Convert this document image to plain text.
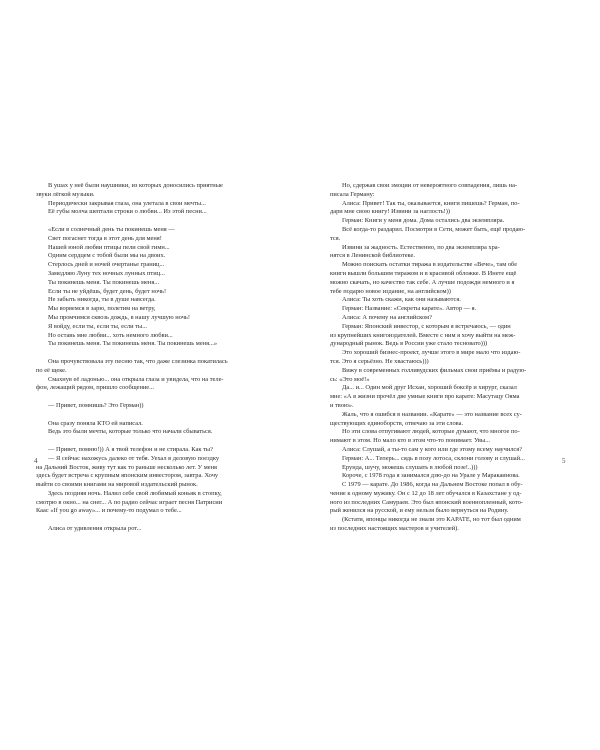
В ушах у неё были наушники, из которых доносились приятные
звуки лёгкой музыки.
Периодически закрывая глаза, она улетала в свои мечты...
Её губы молча шептали строки о любви... Из этой песни...
«Если в солнечный день ты покинешь меня —
Свет погаснет тогда в этот день для меня!
Нашей юной любви птицы пели свой гимн...
Одним сердцем с тобой были мы на двоих.
Стерлось дней и ночей очертанье границ...
Замедляю Луну тех ночных лунных птиц...
Ты покинешь меня. Ты покинешь меня...
Если ты не уйдёшь, будет день, будет ночь!
Не забыть никогда, ты в душе навсегда.
Мы ворвемся в зарю, полетим на ветру,
Мы промчимся сквозь дождь, в нашу лучшую ночь!
Я войду, если ты, если ты, если ты...
Но оставь мне любви... хоть немного любви...
Ты покинешь меня. Ты покинешь меня. Ты покинешь меня...»
Она прочувствовала эту песню так, что даже слезинка покатилась
по её щеке.
Смахнув её ладонью... она открыла глаза и увидела, что на теле-
фон, лежащий рядом, пришло сообщение...
— Привет, помнишь? Это Герман))
Она сразу поняла КТО ей написал.
Ведь это были мечты, которые только что начали сбываться.
— Привет, помню!)) А я твой телефон и не стирала. Как ты?
— Я сейчас нахожусь далеко от тебя. Уехал в деловую поездку
на Дальний Восток, живу тут как то раньше несколько лет. У меня
здесь будет встреча с крупным японским инвестором, завтра. Хочу
выйти со своими книгами на мировой издательский рынок.
Здесь поздняя ночь. Налил себе свой любимый коньяк в стопку,
смотрю в окно... на снег... А по радио сейчас играет песня Патрисии
Каас «If you go away»... и почему-то подумал о тебе...
Алиса от удивления открыла рот...
Но, сдержав свои эмоции от невероятного совпадения, лишь на-
писала Герману:
Алиса: Привет! Так ты, оказывается, книги пишешь? Герман, по-
дари мне свою книгу! Извини за наглость!))
Герман: Книги у меня дома. Дома остались два экземпляра.
Всё когда-то раздарил. Посмотри в Сети, может быть, ещё продаю-
тся.
Извини за жадность. Естественно, по два экземпляра хра-
нятся в Ленинской библиотеке.
Можно поискать остатки тиража в издательстве «Вече», там обе
книги вышли большим тиражом и в красивой обложке. В Инете ещё
можно скачать, но качество так себе. А лучше подожди немного и я
тебе подарю новое издание, на английском))
Алиса: Ты хоть скажи, как они называются.
Герман: Название: «Секреты карате». Автор — я.
Алиса: А почему на английском?
Герман: Японский инвестор, с которым я встречаюсь, — один
из крупнейших книгоиздателей. Вместе с ним я хочу выйти на меж-
дународный рынок. Ведь в России уже стало тесновато)))
Это хороший бизнес-проект, лучше этого в мире мало что издаю-
тся. Это я серьёзно. Не хвастаюсь)))
Вижу в современных голливудских фильмах свои приёмы и радую-
сь: «Это моё!»
Да... и... Один мой друг Исхан, хороший боксёр и хирург, сказал
мне: «А в жизни прочёл две умные книги про карате: Масутацу Ояма
и твою».
Жаль, что я ошибся в названии. «Карате» — это название всех су-
ществующих единоборств, отвечаю за эти слова.
Но эти слова отпугивают людей, которые думают, что многое по-
нимают в этом. Но мало кто в этом что-то понимает. Увы...
Алиса: Слушай, а ты-то сам у кого или где этому всему научился?
Герман: А... Теперь... сядь в позу лотоса, склони голову и слушай...
Ерунда, шучу, можешь слушать в любой позе!..)))
Короче, с 1978 года я занимался дзю-до на Урале у Маракаинова.
С 1979 — карате. До 1986, когда на Дальнем Востоке попал в обу-
чение к одному мужику. Он с 12 до 18 лет обучался в Казахстане у од-
ного из последних Самураев. Это был японский военнопленный, кото-
рый женился на русской, и ему нельзя было вернуться на Родину.
(Кстати, японцы никогда не знали это КАРАТЕ, но тот был одним
из последних настоящих мастеров и учителей).
4	5
